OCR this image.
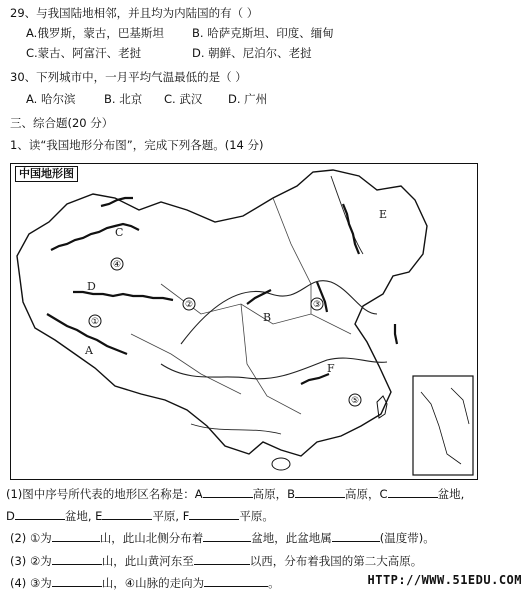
29、与我国陆地相邻，并且均为内陆国的有（ ）
A.俄罗斯，蒙古，巴基斯坦 B. 哈萨克斯坦、印度、缅甸
C.蒙古、阿富汗、老挝	D. 朝鲜、尼泊尔、老挝
30、下列城市中，一月平均气温最低的是（ ）
A. 哈尔滨 B. 北京 C. 武汉 D. 广州
三、综合题(20 分）
1、读“我国地形分布图”，完成下列各题。(14 分)
C
D
A
B
E
F
④
①
②	③
⑤
中国地形图
(1)图中序号所代表的地形区名称是：A	高原，B	高原，C	盆地,
D	盆地, E	平原, F	平原。
(2) ①为	山，此山北侧分布着	盆地，此盆地属	(温度带)。
(3) ②为	山，此山黄河东至	以西，分布着我国的第二大高原。
(4) ③为	山，④山脉的走向为	。	HTTP://WWW.51EDU.COM
